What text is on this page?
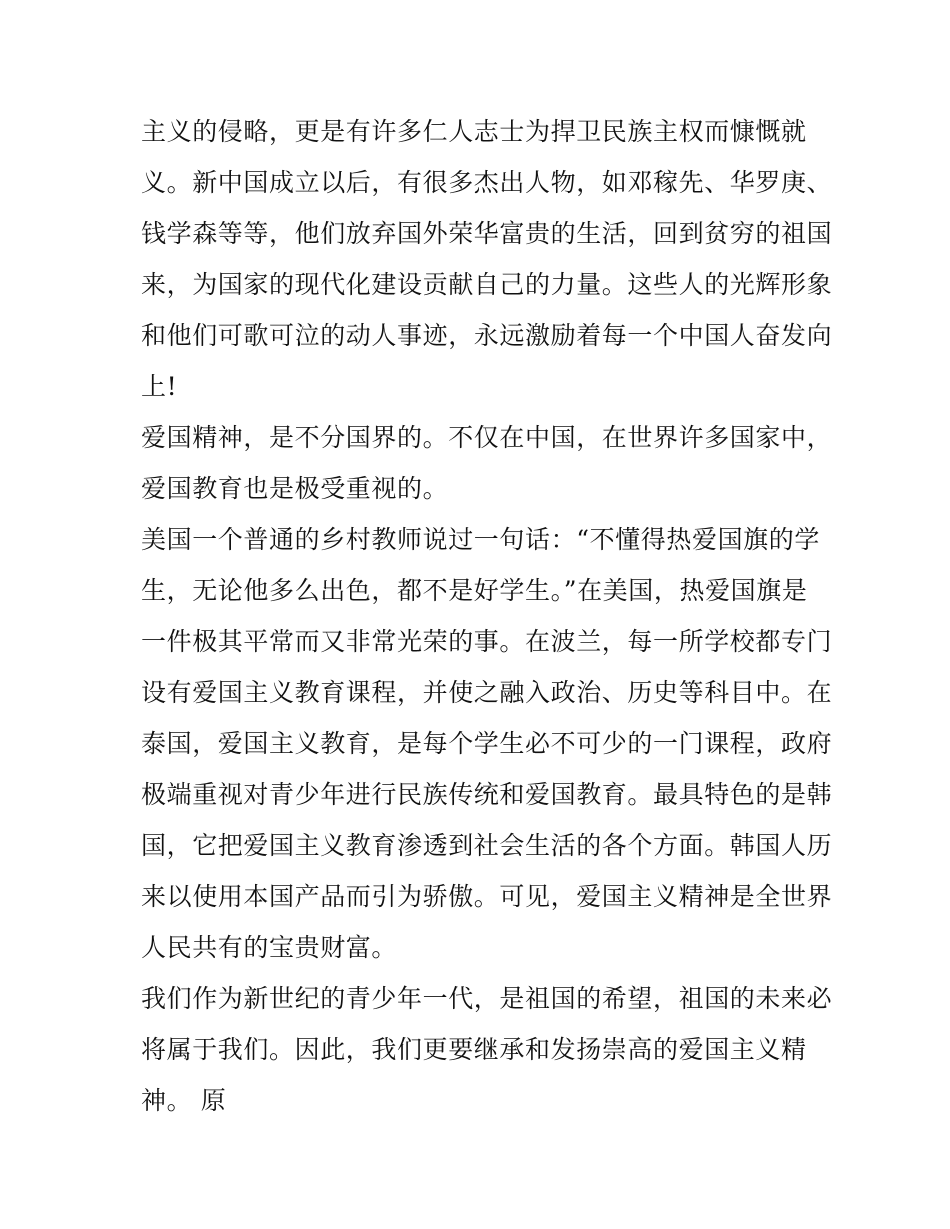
主义的侵略，更是有许多仁人志士为捍卫民族主权而慷慨就
义。新中国成立以后，有很多杰出人物，如邓稼先、华罗庚、
钱学森等等，他们放弃国外荣华富贵的生活，回到贫穷的祖国
来，为国家的现代化建设贡献自己的力量。这些人的光辉形象
和他们可歌可泣的动人事迹，永远激励着每一个中国人奋发向
上!
爱国精神，是不分国界的。不仅在中国，在世界许多国家中，
爱国教育也是极受重视的。
美国一个普通的乡村教师说过一句话：“不懂得热爱国旗的学
生，无论他多么出色，都不是好学生。”在美国，热爱国旗是
一件极其平常而又非常光荣的事。在波兰，每一所学校都专门
设有爱国主义教育课程，并使之融入政治、历史等科目中。在
泰国，爱国主义教育，是每个学生必不可少的一门课程，政府
极端重视对青少年进行民族传统和爱国教育。最具特色的是韩
国，它把爱国主义教育渗透到社会生活的各个方面。韩国人历
来以使用本国产品而引为骄傲。可见，爱国主义精神是全世界
人民共有的宝贵财富。
我们作为新世纪的青少年一代，是祖国的希望，祖国的未来必
将属于我们。因此，我们更要继承和发扬崇高的爱国主义精
神。 原
